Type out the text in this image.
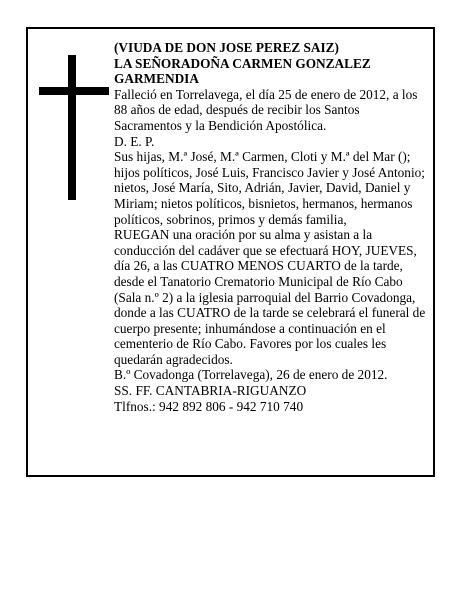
(VIUDA DE DON JOSE PEREZ SAIZ)

LA SEÑORADOÑA CARMEN GONZALEZ

GARMENDIA

Falleció en Torrelavega, el día 25 de enero de 2012, a los 88 años de edad, después de recibir los Santos Sacramentos y la Bendición Apostólica.

D. E. P.

Sus hijas, M.ª José, M.ª Carmen, Cloti y M.ª del Mar (); hijos políticos, José Luis, Francisco Javier y José Antonio; nietos, José María, Sito, Adrián, Javier, David, Daniel y Miriam; nietos políticos, bisnietos, hermanos, hermanos políticos, sobrinos, primos y demás familia,

RUEGAN una oración por su alma y asistan a la conducción del cadáver que se efectuará HOY, JUEVES, día 26, a las CUATRO MENOS CUARTO de la tarde, desde el Tanatorio Crematorio Municipal de Río Cabo (Sala n.º 2) a la iglesia parroquial del Barrio Covadonga, donde a las CUATRO de la tarde se celebrará el funeral de cuerpo presente; inhumándose a continuación en el cementerio de Río Cabo. Favores por los cuales les quedarán agradecidos.

B.º Covadonga (Torrelavega), 26 de enero de 2012.

SS. FF. CANTABRIA-RIGUANZO

Tlfnos.: 942 892 806 - 942 710 740
